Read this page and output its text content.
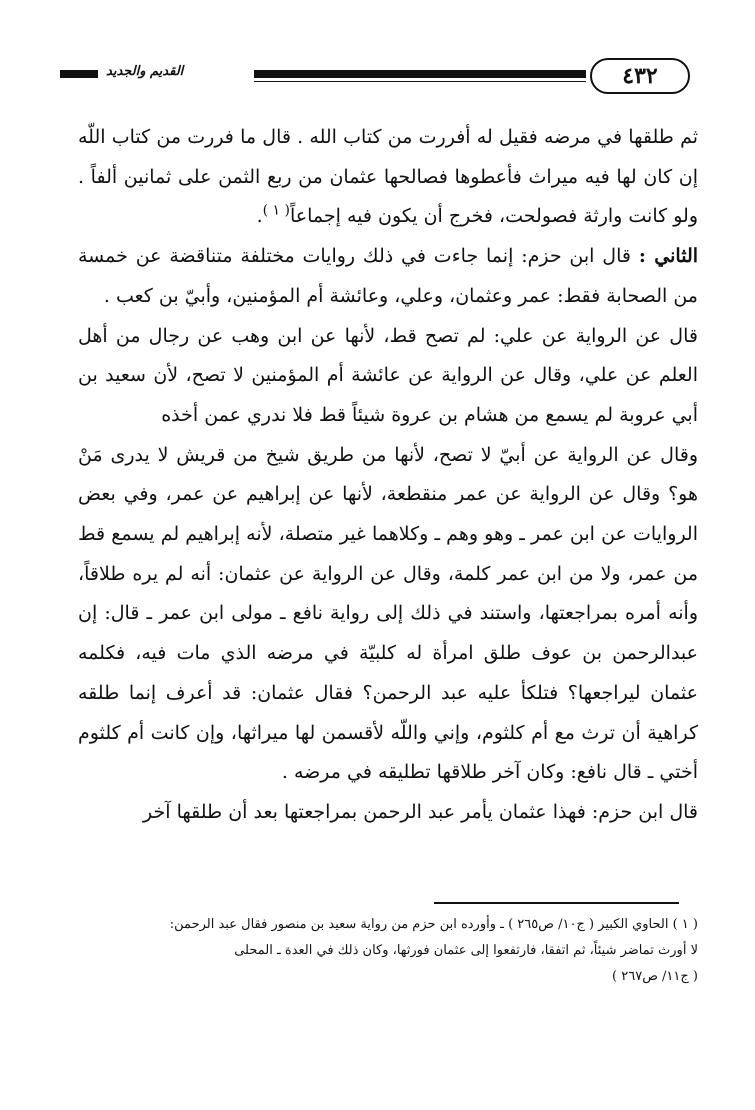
٤٣٢
القديم والجديد

ثم طلقها في مرضه فقيل له أفررت من كتاب الله . قال ما فررت من كتاب اللّه إن كان لها فيه ميراث فأعطوها فصالحها عثمان من ربع الثمن على ثمانين ألفاً . ولو كانت وارثة فصولحت، فخرج أن يكون فيه إجماعاً$^{( ١ )}$.

الثاني : قال ابن حزم: إنما جاءت في ذلك روايات مختلفة متناقضة عن خمسة من الصحابة فقط: عمر وعثمان، وعلي، وعائشة أم المؤمنين، وأبيّ بن كعب .

قال عن الرواية عن علي: لم تصح قط، لأنها عن ابن وهب عن رجال من أهل العلم عن علي، وقال عن الرواية عن عائشة أم المؤمنين لا تصح، لأن سعيد بن أبي عروبة لم يسمع من هشام بن عروة شيئاً قط فلا ندري عمن أخذه

وقال عن الرواية عن أبيّ لا تصح، لأنها من طريق شيخ من قريش لا يدرى مَنْ هو؟ وقال عن الرواية عن عمر منقطعة، لأنها عن إبراهيم عن عمر، وفي بعض الروايات عن ابن عمر ـ وهو وهم ـ وكلاهما غير متصلة، لأنه إبراهيم لم يسمع قط من عمر، ولا من ابن عمر كلمة، وقال عن الرواية عن عثمان: أنه لم يره طلاقاً، وأنه أمره بمراجعتها، واستند في ذلك إلى رواية نافع ـ مولى ابن عمر ـ قال: إن عبدالرحمن بن عوف طلق امرأة له كلبيّة في مرضه الذي مات فيه، فكلمه عثمان ليراجعها؟ فتلكأ عليه عبد الرحمن؟ فقال عثمان: قد أعرف إنما طلقه كراهية أن ترث مع أم كلثوم، وإني واللّه لأقسمن لها ميراثها، وإن كانت أم كلثوم أختي ـ قال نافع: وكان آخر طلاقها تطليقه في مرضه .

قال ابن حزم: فهذا عثمان يأمر عبد الرحمن بمراجعتها بعد أن طلقها آخر

( ١ ) الحاوي الكبير ( ج١٠/ ص٢٦٥ ) ـ وأورده ابن حزم من رواية سعيد بن منصور فقال عبد الرحمن:

لا أورث تماضر شيئاً، ثم اتفقا، فارتفعوا إلى عثمان فورثها، وكان ذلك في العدة ـ المحلى

( ج١١/ ص٢٦٧ )
